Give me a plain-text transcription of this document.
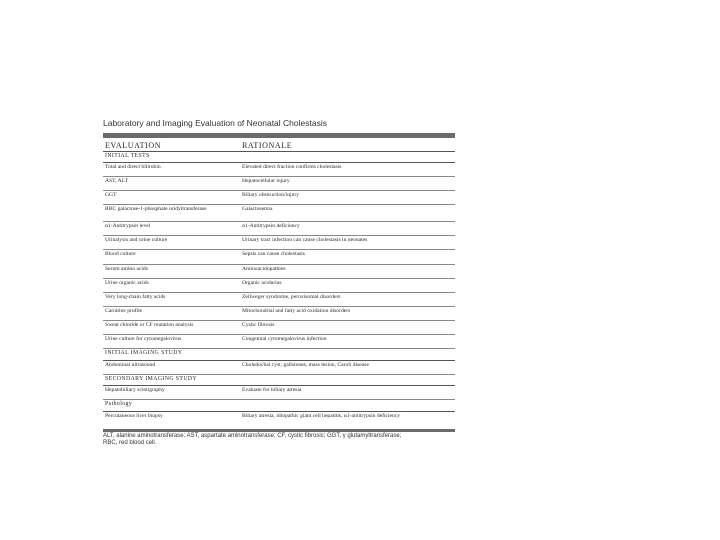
Laboratory and Imaging Evaluation of Neonatal Cholestasis
EVALUATION	RATIONALE
INITIAL TESTS	
Total and direct bilirubin	Elevated direct fraction confirms cholestasis
AST, ALT	Hepatocellular injury
GGT	Biliary obstruction/injury
RBC galactose-1-phosphate uridyltransferase	Galactosemia
α1-Antitrypsin level	α1-Antitrypsin deficiency
Urinalysis and urine culture	Urinary tract infection can cause cholestasis in neonates
Blood culture	Sepsis can cause cholestasis
Serum amino acids	Aminoacidopathies
Urine organic acids	Organic acidurias
Very long-chain fatty acids	Zellweger syndrome, peroxisomal disorders
Carnitine profile	Mitochondrial and fatty acid oxidation disorders
Sweat chloride or CF mutation analysis	Cystic fibrosis
Urine culture for cytomegalovirus	Congenital cytomegalovirus infection
INITIAL IMAGING STUDY	
Abdominal ultrasound	Choledochal cyst, gallstones, mass lesion, Caroli disease
SECONDARY IMAGING STUDY	
Hepatobiliary scintigraphy	Evaluate for biliary atresia
Pathology	
Percutaneous liver biopsy	Biliary atresia, idiopathic giant cell hepatitis, α1-antitrypsin deficiency
ALT, alanine aminotransferase; AST, aspartate aminotransferase; CF, cystic fibrosis; GGT, γ glutamyltransferase; RBC, red blood cell.
